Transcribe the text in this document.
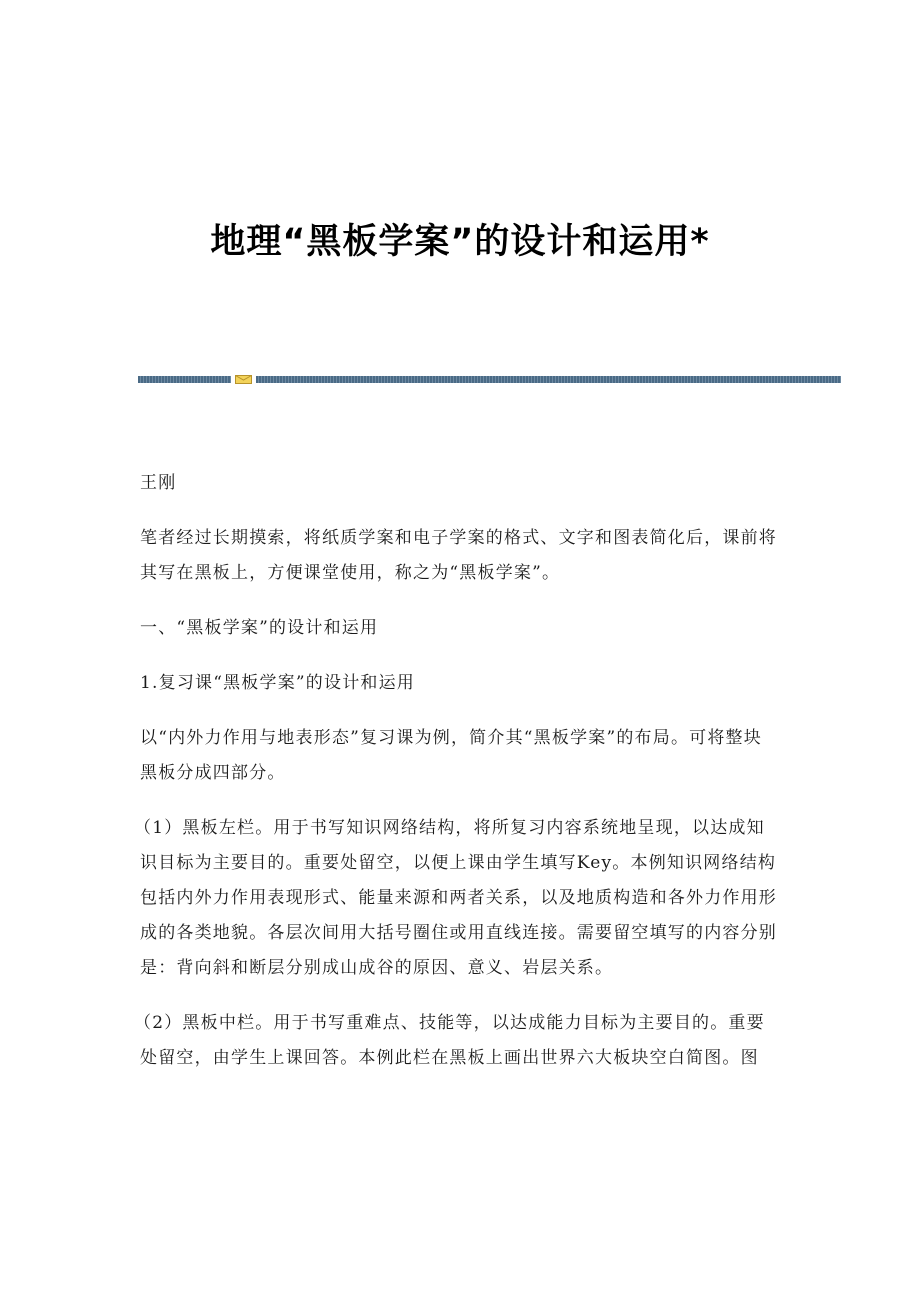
地理“黑板学案”的设计和运用*

王刚

笔者经过长期摸索，将纸质学案和电子学案的格式、文字和图表简化后，课前将其写在黑板上，方便课堂使用，称之为“黑板学案”。

一、“黑板学案”的设计和运用

1.复习课“黑板学案”的设计和运用

以“内外力作用与地表形态”复习课为例，简介其“黑板学案”的布局。可将整块黑板分成四部分。

（1）黑板左栏。用于书写知识网络结构，将所复习内容系统地呈现，以达成知识目标为主要目的。重要处留空，以便上课由学生填写Key。本例知识网络结构包括内外力作用表现形式、能量来源和两者关系，以及地质构造和各外力作用形成的各类地貌。各层次间用大括号圈住或用直线连接。需要留空填写的内容分别是：背向斜和断层分别成山成谷的原因、意义、岩层关系。

（2）黑板中栏。用于书写重难点、技能等，以达成能力目标为主要目的。重要处留空，由学生上课回答。本例此栏在黑板上画出世界六大板块空白简图。图
